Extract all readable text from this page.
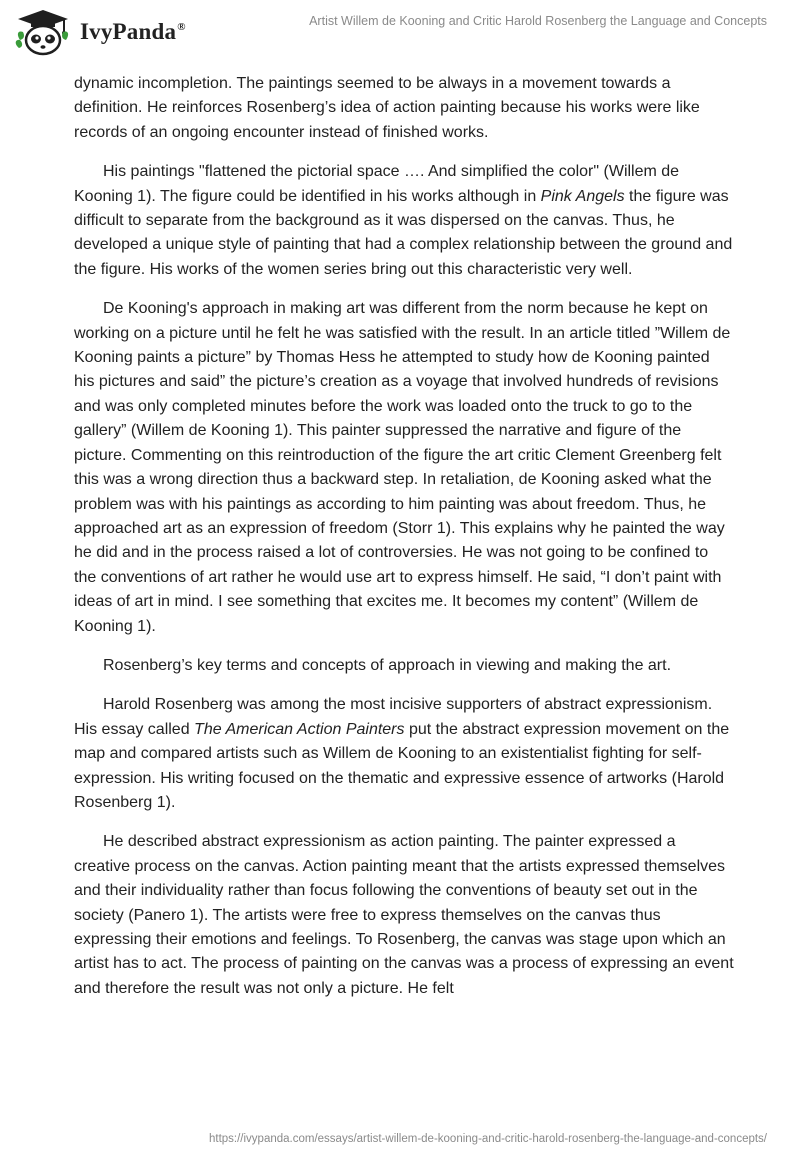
IvyPanda®	Artist Willem de Kooning and Critic Harold Rosenberg the Language and Concepts

dynamic incompletion. The paintings seemed to be always in a movement towards a definition. He reinforces Rosenberg’s idea of action painting because his works were like records of an ongoing encounter instead of finished works.

His paintings "flattened the pictorial space …. And simplified the color" (Willem de Kooning 1). The figure could be identified in his works although in Pink Angels the figure was difficult to separate from the background as it was dispersed on the canvas. Thus, he developed a unique style of painting that had a complex relationship between the ground and the figure. His works of the women series bring out this characteristic very well.

De Kooning's approach in making art was different from the norm because he kept on working on a picture until he felt he was satisfied with the result. In an article titled ”Willem de Kooning paints a picture” by Thomas Hess he attempted to study how de Kooning painted his pictures and said” the picture’s creation as a voyage that involved hundreds of revisions and was only completed minutes before the work was loaded onto the truck to go to the gallery” (Willem de Kooning 1). This painter suppressed the narrative and figure of the picture. Commenting on this reintroduction of the figure the art critic Clement Greenberg felt this was a wrong direction thus a backward step. In retaliation, de Kooning asked what the problem was with his paintings as according to him painting was about freedom. Thus, he approached art as an expression of freedom (Storr 1). This explains why he painted the way he did and in the process raised a lot of controversies. He was not going to be confined to the conventions of art rather he would use art to express himself. He said, “I don’t paint with ideas of art in mind. I see something that excites me. It becomes my content” (Willem de Kooning 1).

Rosenberg’s key terms and concepts of approach in viewing and making the art.

Harold Rosenberg was among the most incisive supporters of abstract expressionism. His essay called The American Action Painters put the abstract expression movement on the map and compared artists such as Willem de Kooning to an existentialist fighting for self-expression. His writing focused on the thematic and expressive essence of artworks (Harold Rosenberg 1).

He described abstract expressionism as action painting. The painter expressed a creative process on the canvas. Action painting meant that the artists expressed themselves and their individuality rather than focus following the conventions of beauty set out in the society (Panero 1). The artists were free to express themselves on the canvas thus expressing their emotions and feelings. To Rosenberg, the canvas was stage upon which an artist has to act. The process of painting on the canvas was a process of expressing an event and therefore the result was not only a picture. He felt

https://ivypanda.com/essays/artist-willem-de-kooning-and-critic-harold-rosenberg-the-language-and-concepts/
